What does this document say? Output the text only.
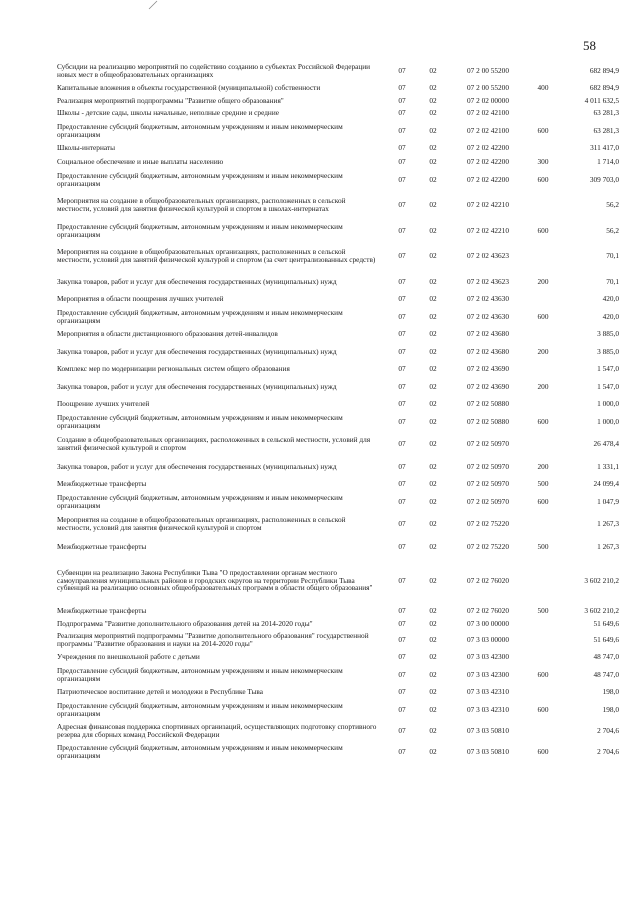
58
Субсидии на реализацию мероприятий по содействию созданию в субъектах Российской Федерации новых мест в общеобразовательных организациях	07	02	07 2 00 55200		682 894,9
Капитальные вложения в объекты государственной (муниципальной) собственности	07	02	07 2 00 55200	400	682 894,9
Реализация мероприятий подпрограммы "Развитие общего образования"	07	02	07 2 02 00000		4 011 632,5
Школы - детские сады, школы начальные, неполные средние и средние	07	02	07 2 02 42100		63 281,3
Предоставление субсидий бюджетным, автономным учреждениям и иным некоммерческим организациям	07	02	07 2 02 42100	600	63 281,3
Школы-интернаты	07	02	07 2 02 42200		311 417,0
Социальное обеспечение и иные выплаты населению	07	02	07 2 02 42200	300	1 714,0
Предоставление субсидий бюджетным, автономным учреждениям и иным некоммерческим организациям	07	02	07 2 02 42200	600	309 703,0
Мероприятия на создание в общеобразовательных организациях, расположенных в сельской местности, условий для занятия физической культурой и спортом в школах-интернатах	07	02	07 2 02 42210		56,2
Предоставление субсидий бюджетным, автономным учреждениям и иным некоммерческим организациям	07	02	07 2 02 42210	600	56,2
Мероприятия на создание в общеобразовательных организациях, расположенных в сельской местности, условий для занятий физической культурой и спортом (за счет централизованных средств)	07	02	07 2 02 43623		70,1
Закупка товаров, работ и услуг для обеспечения государственных (муниципальных) нужд	07	02	07 2 02 43623	200	70,1
Мероприятия в области поощрения лучших учителей	07	02	07 2 02 43630		420,0
Предоставление субсидий бюджетным, автономным учреждениям и иным некоммерческим организациям	07	02	07 2 02 43630	600	420,0
Мероприятия в области дистанционного образования детей-инвалидов	07	02	07 2 02 43680		3 885,0
Закупка товаров, работ и услуг для обеспечения государственных (муниципальных) нужд	07	02	07 2 02 43680	200	3 885,0
Комплекс мер по модернизации региональных систем общего образования	07	02	07 2 02 43690		1 547,0
Закупка товаров, работ и услуг для обеспечения государственных (муниципальных) нужд	07	02	07 2 02 43690	200	1 547,0
Поощрение лучших учителей	07	02	07 2 02 50880		1 000,0
Предоставление субсидий бюджетным, автономным учреждениям и иным некоммерческим организациям	07	02	07 2 02 50880	600	1 000,0
Создание в общеобразовательных организациях, расположенных в сельской местности, условий для занятий физической культурой и спортом	07	02	07 2 02 50970		26 478,4
Закупка товаров, работ и услуг для обеспечения государственных (муниципальных) нужд	07	02	07 2 02 50970	200	1 331,1
Межбюджетные трансферты	07	02	07 2 02 50970	500	24 099,4
Предоставление субсидий бюджетным, автономным учреждениям и иным некоммерческим организациям	07	02	07 2 02 50970	600	1 047,9
Мероприятия на создание в общеобразовательных организациях, расположенных в сельской местности, условий для занятия физической культурой и спортом	07	02	07 2 02 75220		1 267,3
Межбюджетные трансферты	07	02	07 2 02 75220	500	1 267,3
Субвенции на реализацию Закона Республики Тыва "О предоставлении органам местного самоуправления муниципальных районов и городских округов на территории Республики Тыва субвенций на реализацию основных общеобразовательных программ в области общего образования"	07	02	07 2 02 76020		3 602 210,2
Межбюджетные трансферты	07	02	07 2 02 76020	500	3 602 210,2
Подпрограмма "Развитие дополнительного образования детей на 2014-2020 годы"	07	02	07 3 00 00000		51 649,6
Реализация мероприятий подпрограммы "Развитие дополнительного образования" государственной программы "Развитие образования и науки на 2014-2020 годы"	07	02	07 3 03 00000		51 649,6
Учреждения по внешкольной работе с детьми	07	02	07 3 03 42300		48 747,0
Предоставление субсидий бюджетным, автономным учреждениям и иным некоммерческим организациям	07	02	07 3 03 42300	600	48 747,0
Патриотическое воспитание детей и молодежи в Республике Тыва	07	02	07 3 03 42310		198,0
Предоставление субсидий бюджетным, автономным учреждениям и иным некоммерческим организациям	07	02	07 3 03 42310	600	198,0
Адресная финансовая поддержка спортивных организаций, осуществляющих подготовку спортивного резерва для сборных команд Российской Федерации	07	02	07 3 03 50810		2 704,6
Предоставление субсидий бюджетным, автономным учреждениям и иным некоммерческим организациям	07	02	07 3 03 50810	600	2 704,6
